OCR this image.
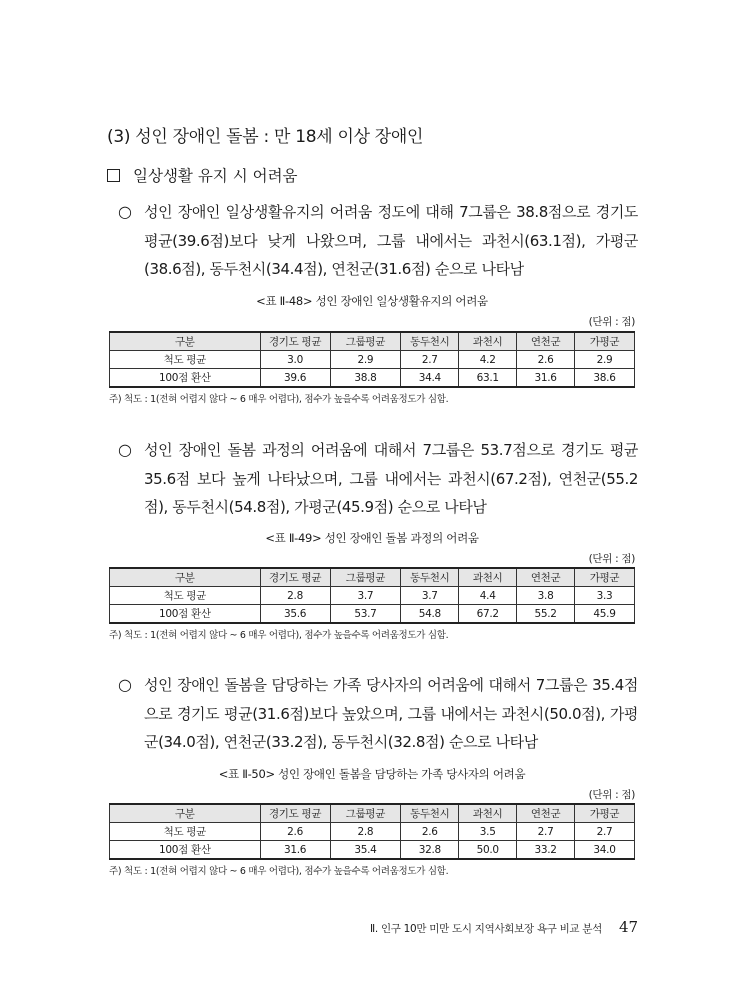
(3) 성인 장애인 돌봄 : 만 18세 이상 장애인
일상생활 유지 시 어려움
○ 성인 장애인 일상생활유지의 어려움 정도에 대해 7그룹은 38.8점으로 경기도 평균(39.6점)보다 낮게 나왔으며, 그룹 내에서는 과천시(63.1점), 가평군(38.6점), 동두천시(34.4점), 연천군(31.6점) 순으로 나타남
<표 Ⅱ-48> 성인 장애인 일상생활유지의 어려움
(단위 : 점)
구분	경기도 평균	그룹평균	동두천시	과천시	연천군	가평군
척도 평균	3.0	2.9	2.7	4.2	2.6	2.9
100점 환산	39.6	38.8	34.4	63.1	31.6	38.6
주) 척도 : 1(전혀 어렵지 않다 ~ 6 매우 어렵다), 점수가 높을수록 어려움정도가 심함.
○ 성인 장애인 돌봄 과정의 어려움에 대해서 7그룹은 53.7점으로 경기도 평균 35.6점 보다 높게 나타났으며, 그룹 내에서는 과천시(67.2점), 연천군(55.2점), 동두천시(54.8점), 가평군(45.9점) 순으로 나타남
<표 Ⅱ-49> 성인 장애인 돌봄 과정의 어려움
(단위 : 점)
구분	경기도 평균	그룹평균	동두천시	과천시	연천군	가평군
척도 평균	2.8	3.7	3.7	4.4	3.8	3.3
100점 환산	35.6	53.7	54.8	67.2	55.2	45.9
주) 척도 : 1(전혀 어렵지 않다 ~ 6 매우 어렵다), 점수가 높을수록 어려움정도가 심함.
○ 성인 장애인 돌봄을 담당하는 가족 당사자의 어려움에 대해서 7그룹은 35.4점으로 경기도 평균(31.6점)보다 높았으며, 그룹 내에서는 과천시(50.0점), 가평군(34.0점), 연천군(33.2점), 동두천시(32.8점) 순으로 나타남
<표 Ⅱ-50> 성인 장애인 돌봄을 담당하는 가족 당사자의 어려움
(단위 : 점)
구분	경기도 평균	그룹평균	동두천시	과천시	연천군	가평군
척도 평균	2.6	2.8	2.6	3.5	2.7	2.7
100점 환산	31.6	35.4	32.8	50.0	33.2	34.0
주) 척도 : 1(전혀 어렵지 않다 ~ 6 매우 어렵다), 점수가 높을수록 어려움정도가 심함.
Ⅱ. 인구 10만 미만 도시 지역사회보장 욕구 비교 분석 47
